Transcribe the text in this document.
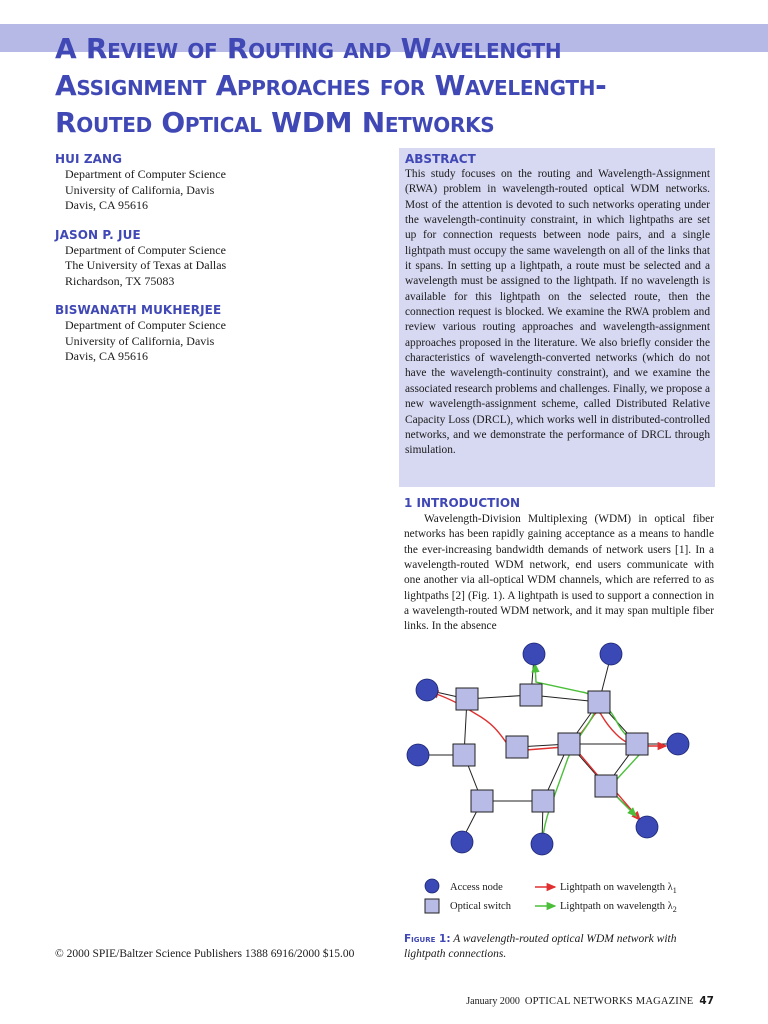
A Review of Routing and Wavelength
Assignment Approaches for Wavelength-
Routed Optical WDM Networks
HUI ZANG
Department of Computer Science
University of California, Davis
Davis, CA 95616
JASON P. JUE
Department of Computer Science
The University of Texas at Dallas
Richardson, TX 75083
BISWANATH MUKHERJEE
Department of Computer Science
University of California, Davis
Davis, CA 95616
ABSTRACT

This study focuses on the routing and Wavelength-Assignment (RWA) problem in wavelength-routed optical WDM networks. Most of the attention is devoted to such networks operating under the wavelength-continuity constraint, in which lightpaths are set up for connection requests between node pairs, and a single lightpath must occupy the same wavelength on all of the links that it spans. In setting up a lightpath, a route must be selected and a wavelength must be assigned to the lightpath. If no wavelength is available for this lightpath on the selected route, then the connection request is blocked. We examine the RWA problem and review various routing approaches and wavelength-assignment approaches proposed in the literature. We also briefly consider the characteristics of wavelength-converted networks (which do not have the wavelength-continuity constraint), and we examine the associated research problems and challenges. Finally, we propose a new wavelength-assignment scheme, called Distributed Relative Capacity Loss (DRCL), which works well in distributed-controlled networks, and we demonstrate the performance of DRCL through simulation.

1 INTRODUCTION

Wavelength-Division Multiplexing (WDM) in optical fiber networks has been rapidly gaining acceptance as a means to handle the ever-increasing bandwidth demands of network users [1]. In a wavelength-routed WDM network, end users communicate with one another via all-optical WDM channels, which are referred to as lightpaths [2] (Fig. 1). A lightpath is used to support a connection in a wavelength-routed WDM network, and it may span multiple fiber links. In the absence

Access node
Optical switch
Lightpath on wavelength $\lambda_1$
Lightpath on wavelength $\lambda_2$

Figure 1: A wavelength-routed optical WDM network with lightpath connections.

© 2000 SPIE/Baltzer Science Publishers 1388 6916/2000 $15.00

January 2000 OPTICAL NETWORKS MAGAZINE 47
